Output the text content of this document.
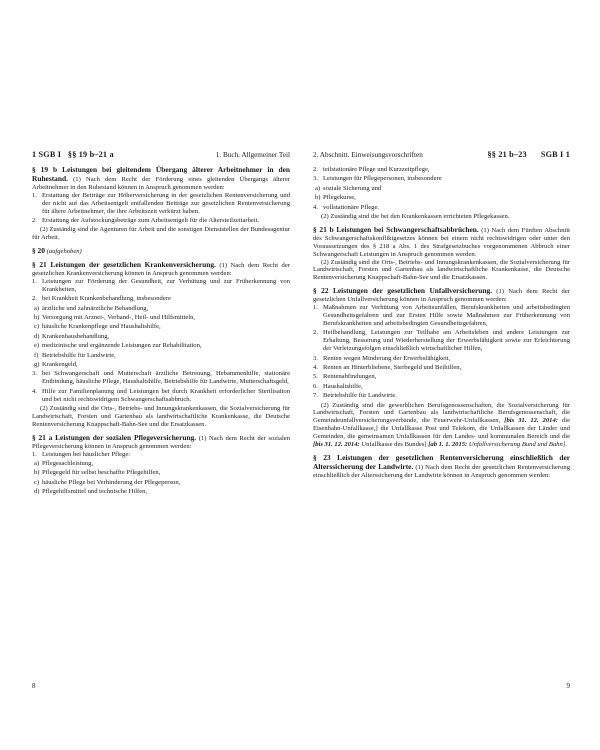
1 SGB I §§ 19 b–21 a	1. Buch. Allgemeiner Teil

§ 19 b Leistungen bei gleitendem Übergang älterer Arbeitnehmer in den Ruhestand. (1) Nach dem Recht der Förderung eines gleitenden Übergangs älterer Arbeitnehmer in den Ruhestand können in Anspruch genommen werden:

1. Erstattung der Beiträge zur Höherversicherung in der gesetzlichen Rentenversicherung und der nicht auf das Arbeitsentgelt entfallenden Beiträge zur gesetzlichen Rentenversicherung für ältere Arbeitnehmer, die ihre Arbeitszeit verkürzt haben.
2. Erstattung der Aufstockungsbeträge zum Arbeitsentgelt für die Altersteilzeitarbeit.

(2) Zuständig sind die Agenturen für Arbeit und die sonstigen Dienststellen der Bundesagentur für Arbeit.

§ 20 (aufgehoben)

§ 21 Leistungen der gesetzlichen Krankenversicherung. (1) Nach dem Recht der gesetzlichen Krankenversicherung können in Anspruch genommen werden:

1. Leistungen zur Förderung der Gesundheit, zur Verhütung und zur Früherkennung von Krankheiten,
2. bei Krankheit Krankenbehandlung, insbesondere
a) ärztliche und zahnärztliche Behandlung,
b) Versorgung mit Arznei-, Verband-, Heil- und Hilfsmitteln,
c) häusliche Krankenpflege und Haushaltshilfe,
d) Krankenhausbehandlung,
e) medizinische und ergänzende Leistungen zur Rehabilitation,
f) Betriebshilfe für Landwirte,
g) Krankengeld,
3. bei Schwangerschaft und Mutterschaft ärztliche Betreuung, Hebammenhilfe, stationäre Entbindung, häusliche Pflege, Haushaltshilfe, Betriebshilfe für Landwirte, Mutterschaftsgeld,
4. Hilfe zur Familienplanung und Leistungen bei durch Krankheit erforderlicher Sterilisation und bei nicht rechtswidrigem Schwangerschaftsabbruch.

(2) Zuständig sind die Orts-, Betriebs- und Innungskrankenkassen, die Sozialversicherung für Landwirtschaft, Forsten und Gartenbau als landwirtschaftliche Krankenkasse, die Deutsche Rentenversicherung Knappschaft-Bahn-See und die Ersatzkassen.

§ 21 a Leistungen der sozialen Pflegeversicherung. (1) Nach dem Recht der sozialen Pflegeversicherung können in Anspruch genommen werden:

1. Leistungen bei häuslicher Pflege:
a) Pflegesachleistung,
b) Pflegegeld für selbst beschaffte Pflegehilfen,
c) häusliche Pflege bei Verhinderung der Pflegeperson,
d) Pflegehilfsmittel und technische Hilfen,
8
2. Abschnitt. Einweisungsvorschriften	§§ 21 b–23 SGB I 1
2. teilstationäre Pflege und Kurzzeitpflege,
3. Leistungen für Pflegepersonen, insbesondere
a) soziale Sicherung und
b) Pflegekurse,
4. vollstationäre Pflege.

(2) Zuständig sind die bei den Krankenkassen errichteten Pflegekassen.

§ 21 b Leistungen bei Schwangerschaftsabbrüchen. (1) Nach dem Fünften Abschnitt des Schwangerschaftskonfliktgesetzes können bei einem nicht rechtswidrigen oder unter den Voraussetzungen des § 218 a Abs. 1 des Strafgesetzbuches vorgenommenen Abbruch einer Schwangerschaft Leistungen in Anspruch genommen werden.

(2) Zuständig sind die Orts-, Betriebs- und Innungskrankenkassen, die Sozialversicherung für Landwirtschaft, Forsten und Gartenbau als landwirtschaftliche Krankenkasse, die Deutsche Rentenversicherung Knappschaft-Bahn-See und die Ersatzkassen.

§ 22 Leistungen der gesetzlichen Unfallversicherung. (1) Nach dem Recht der gesetzlichen Unfallversicherung können in Anspruch genommen werden:

1. Maßnahmen zur Verhütung von Arbeitsunfällen, Berufskrankheiten und arbeitsbedingten Gesundheitsgefahren und zur Ersten Hilfe sowie Maßnahmen zur Früherkennung von Berufskrankheiten und arbeitsbedingten Gesundheitsgefahren,
2. Heilbehandlung, Leistungen zur Teilhabe am Arbeitsleben und andere Leistungen zur Erhaltung, Besserung und Wiederherstellung der Erwerbsfähigkeit sowie zur Erleichterung der Verletzungsfolgen einschließlich wirtschaftlicher Hilfen,
3. Renten wegen Minderung der Erwerbsfähigkeit,
4. Renten an Hinterbliebene, Sterbegeld und Beihilfen,
5. Rentenabfindungen,
6. Haushaltshilfe,
7. Betriebshilfe für Landwirte.

(2) Zuständig sind die gewerblichen Berufsgenossenschaften, die Sozialversicherung für Landwirtschaft, Forsten und Gartenbau als landwirtschaftliche Berufsgenossenschaft, die Gemeindeunfallversicherungsverbände, die Feuerwehr-Unfallkassen, [bis 31. 12. 2014: die Eisenbahn-Unfallkasse,] die Unfallkasse Post und Telekom, die Unfallkassen der Länder und Gemeinden, die gemeinsamen Unfallkassen für den Landes- und kommunalen Bereich und die [bis 31. 12. 2014: Unfallkasse des Bundes] [ab 1. 1. 2015: Unfallversicherung Bund und Bahn].

§ 23 Leistungen der gesetzlichen Rentenversicherung einschließlich der Alterssicherung der Landwirte. (1) Nach dem Recht der gesetzlichen Rentenversicherung einschließlich der Alterssicherung der Landwirte können in Anspruch genommen werden:

9
